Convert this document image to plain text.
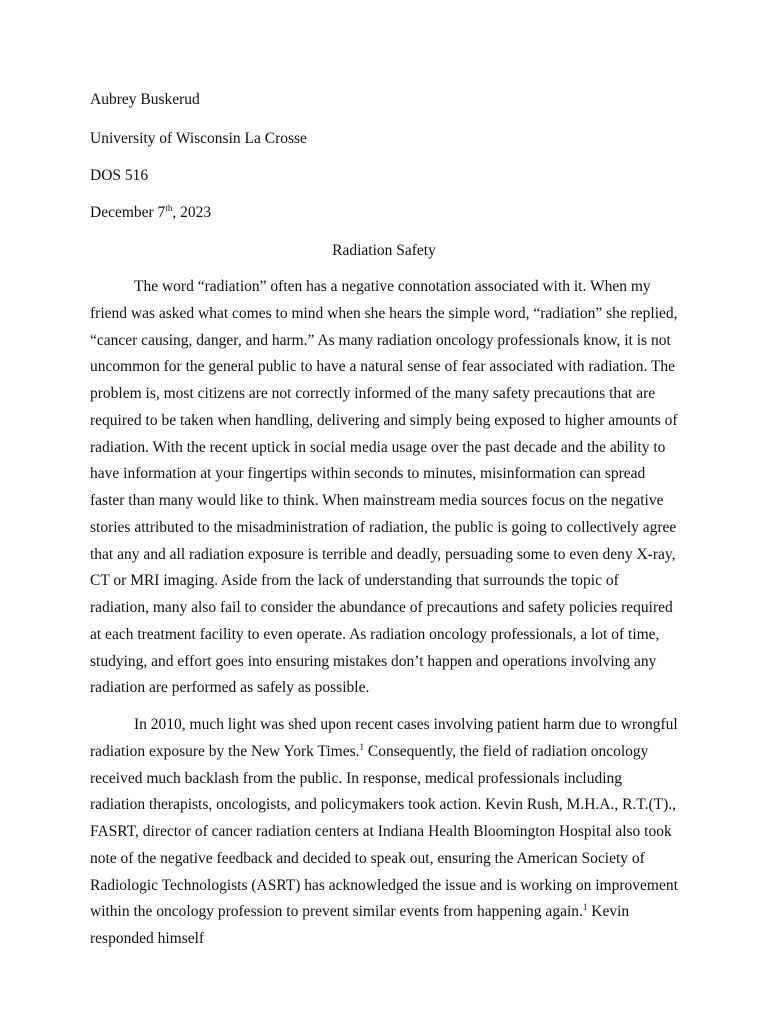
Aubrey Buskerud
University of Wisconsin La Crosse
DOS 516
December 7th, 2023
Radiation Safety

The word “radiation” often has a negative connotation associated with it. When my friend was asked what comes to mind when she hears the simple word, “radiation” she replied, “cancer causing, danger, and harm.” As many radiation oncology professionals know, it is not uncommon for the general public to have a natural sense of fear associated with radiation. The problem is, most citizens are not correctly informed of the many safety precautions that are required to be taken when handling, delivering and simply being exposed to higher amounts of radiation. With the recent uptick in social media usage over the past decade and the ability to have information at your fingertips within seconds to minutes, misinformation can spread faster than many would like to think. When mainstream media sources focus on the negative stories attributed to the misadministration of radiation, the public is going to collectively agree that any and all radiation exposure is terrible and deadly, persuading some to even deny X-ray, CT or MRI imaging. Aside from the lack of understanding that surrounds the topic of radiation, many also fail to consider the abundance of precautions and safety policies required at each treatment facility to even operate. As radiation oncology professionals, a lot of time, studying, and effort goes into ensuring mistakes don’t happen and operations involving any radiation are performed as safely as possible.

In 2010, much light was shed upon recent cases involving patient harm due to wrongful radiation exposure by the New York Times.$^1$ Consequently, the field of radiation oncology received much backlash from the public. In response, medical professionals including radiation therapists, oncologists, and policymakers took action. Kevin Rush, M.H.A., R.T.(T)., FASRT, director of cancer radiation centers at Indiana Health Bloomington Hospital also took note of the negative feedback and decided to speak out, ensuring the American Society of Radiologic Technologists (ASRT) has acknowledged the issue and is working on improvement within the oncology profession to prevent similar events from happening again.$^1$ Kevin responded himself
